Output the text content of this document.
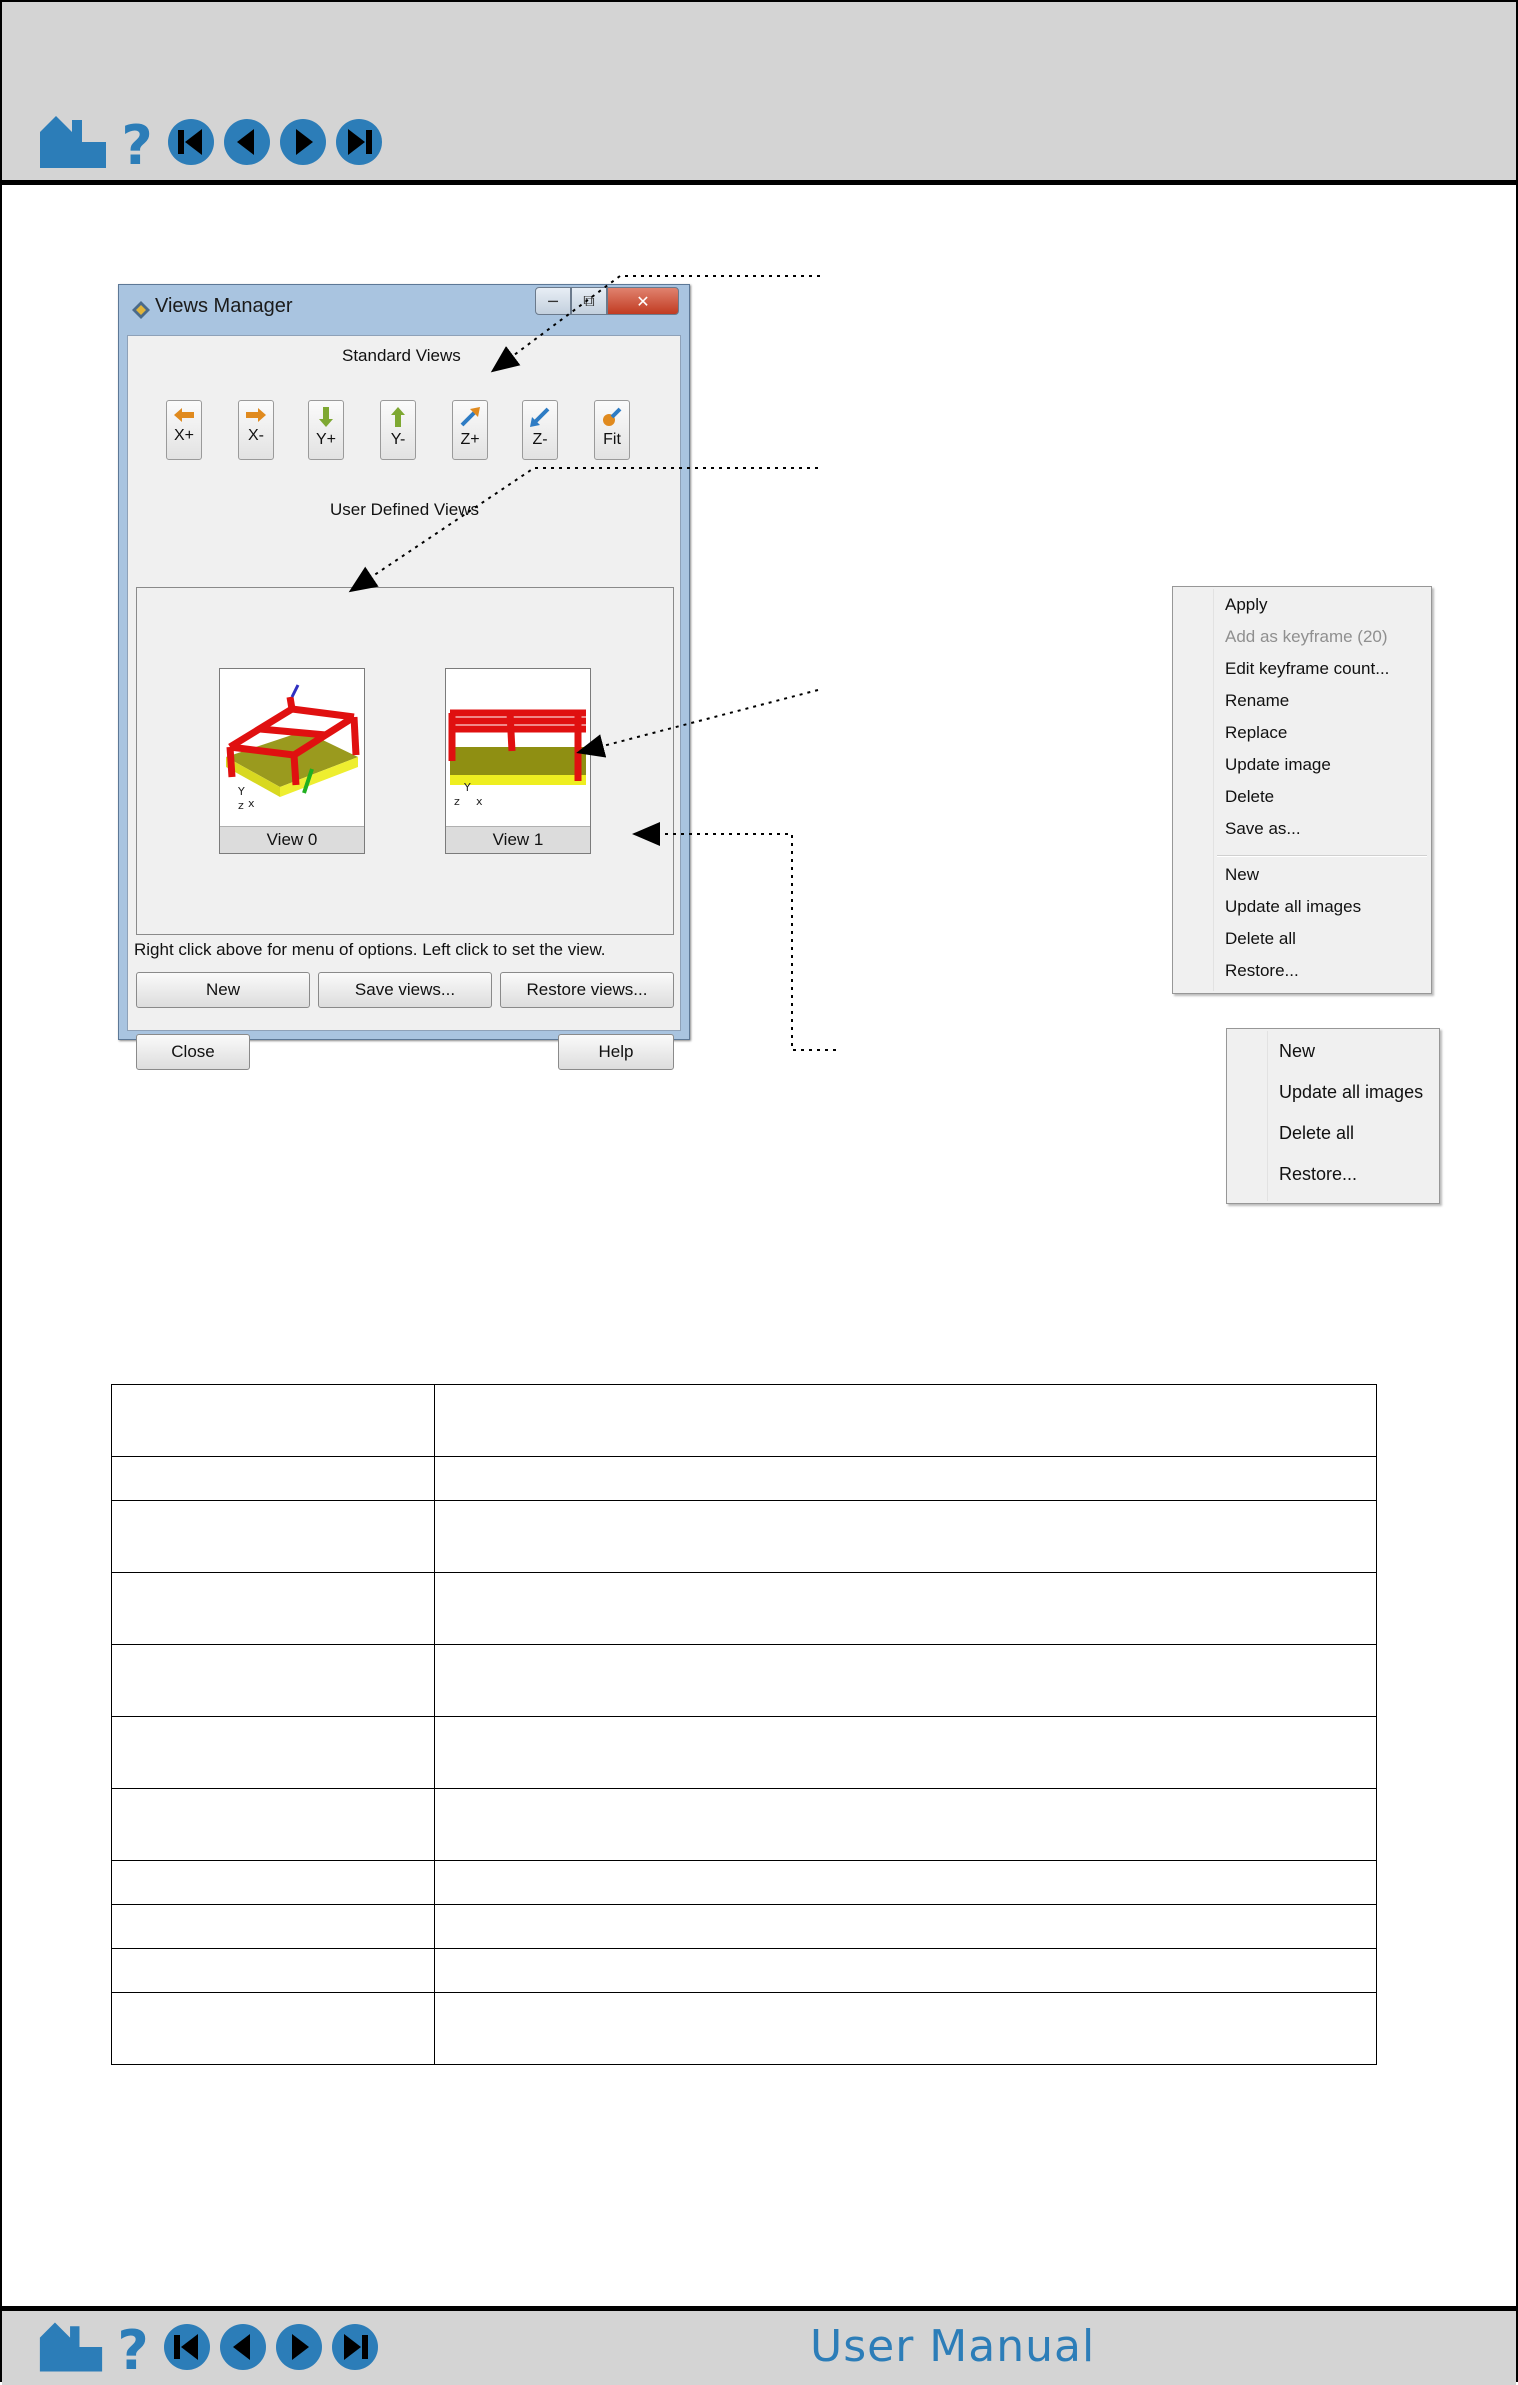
?
Views Manager	─	⧉	✕
Standard Views
X+	X-	Y+	Y-	Z+	Z-	Fit
User Defined Views
Y
z x
View 0
Y
z x
View 1
Right click above for menu of options. Left click to set the view.
New	Save views...	Restore views...
Close	Help
Apply
Add as keyframe (20)
Edit keyframe count...
Rename
Replace
Update image
Delete
Save as...
New
Update all images
Delete all
Restore...
New
Update all images
Delete all
Restore...

?	User Manual
